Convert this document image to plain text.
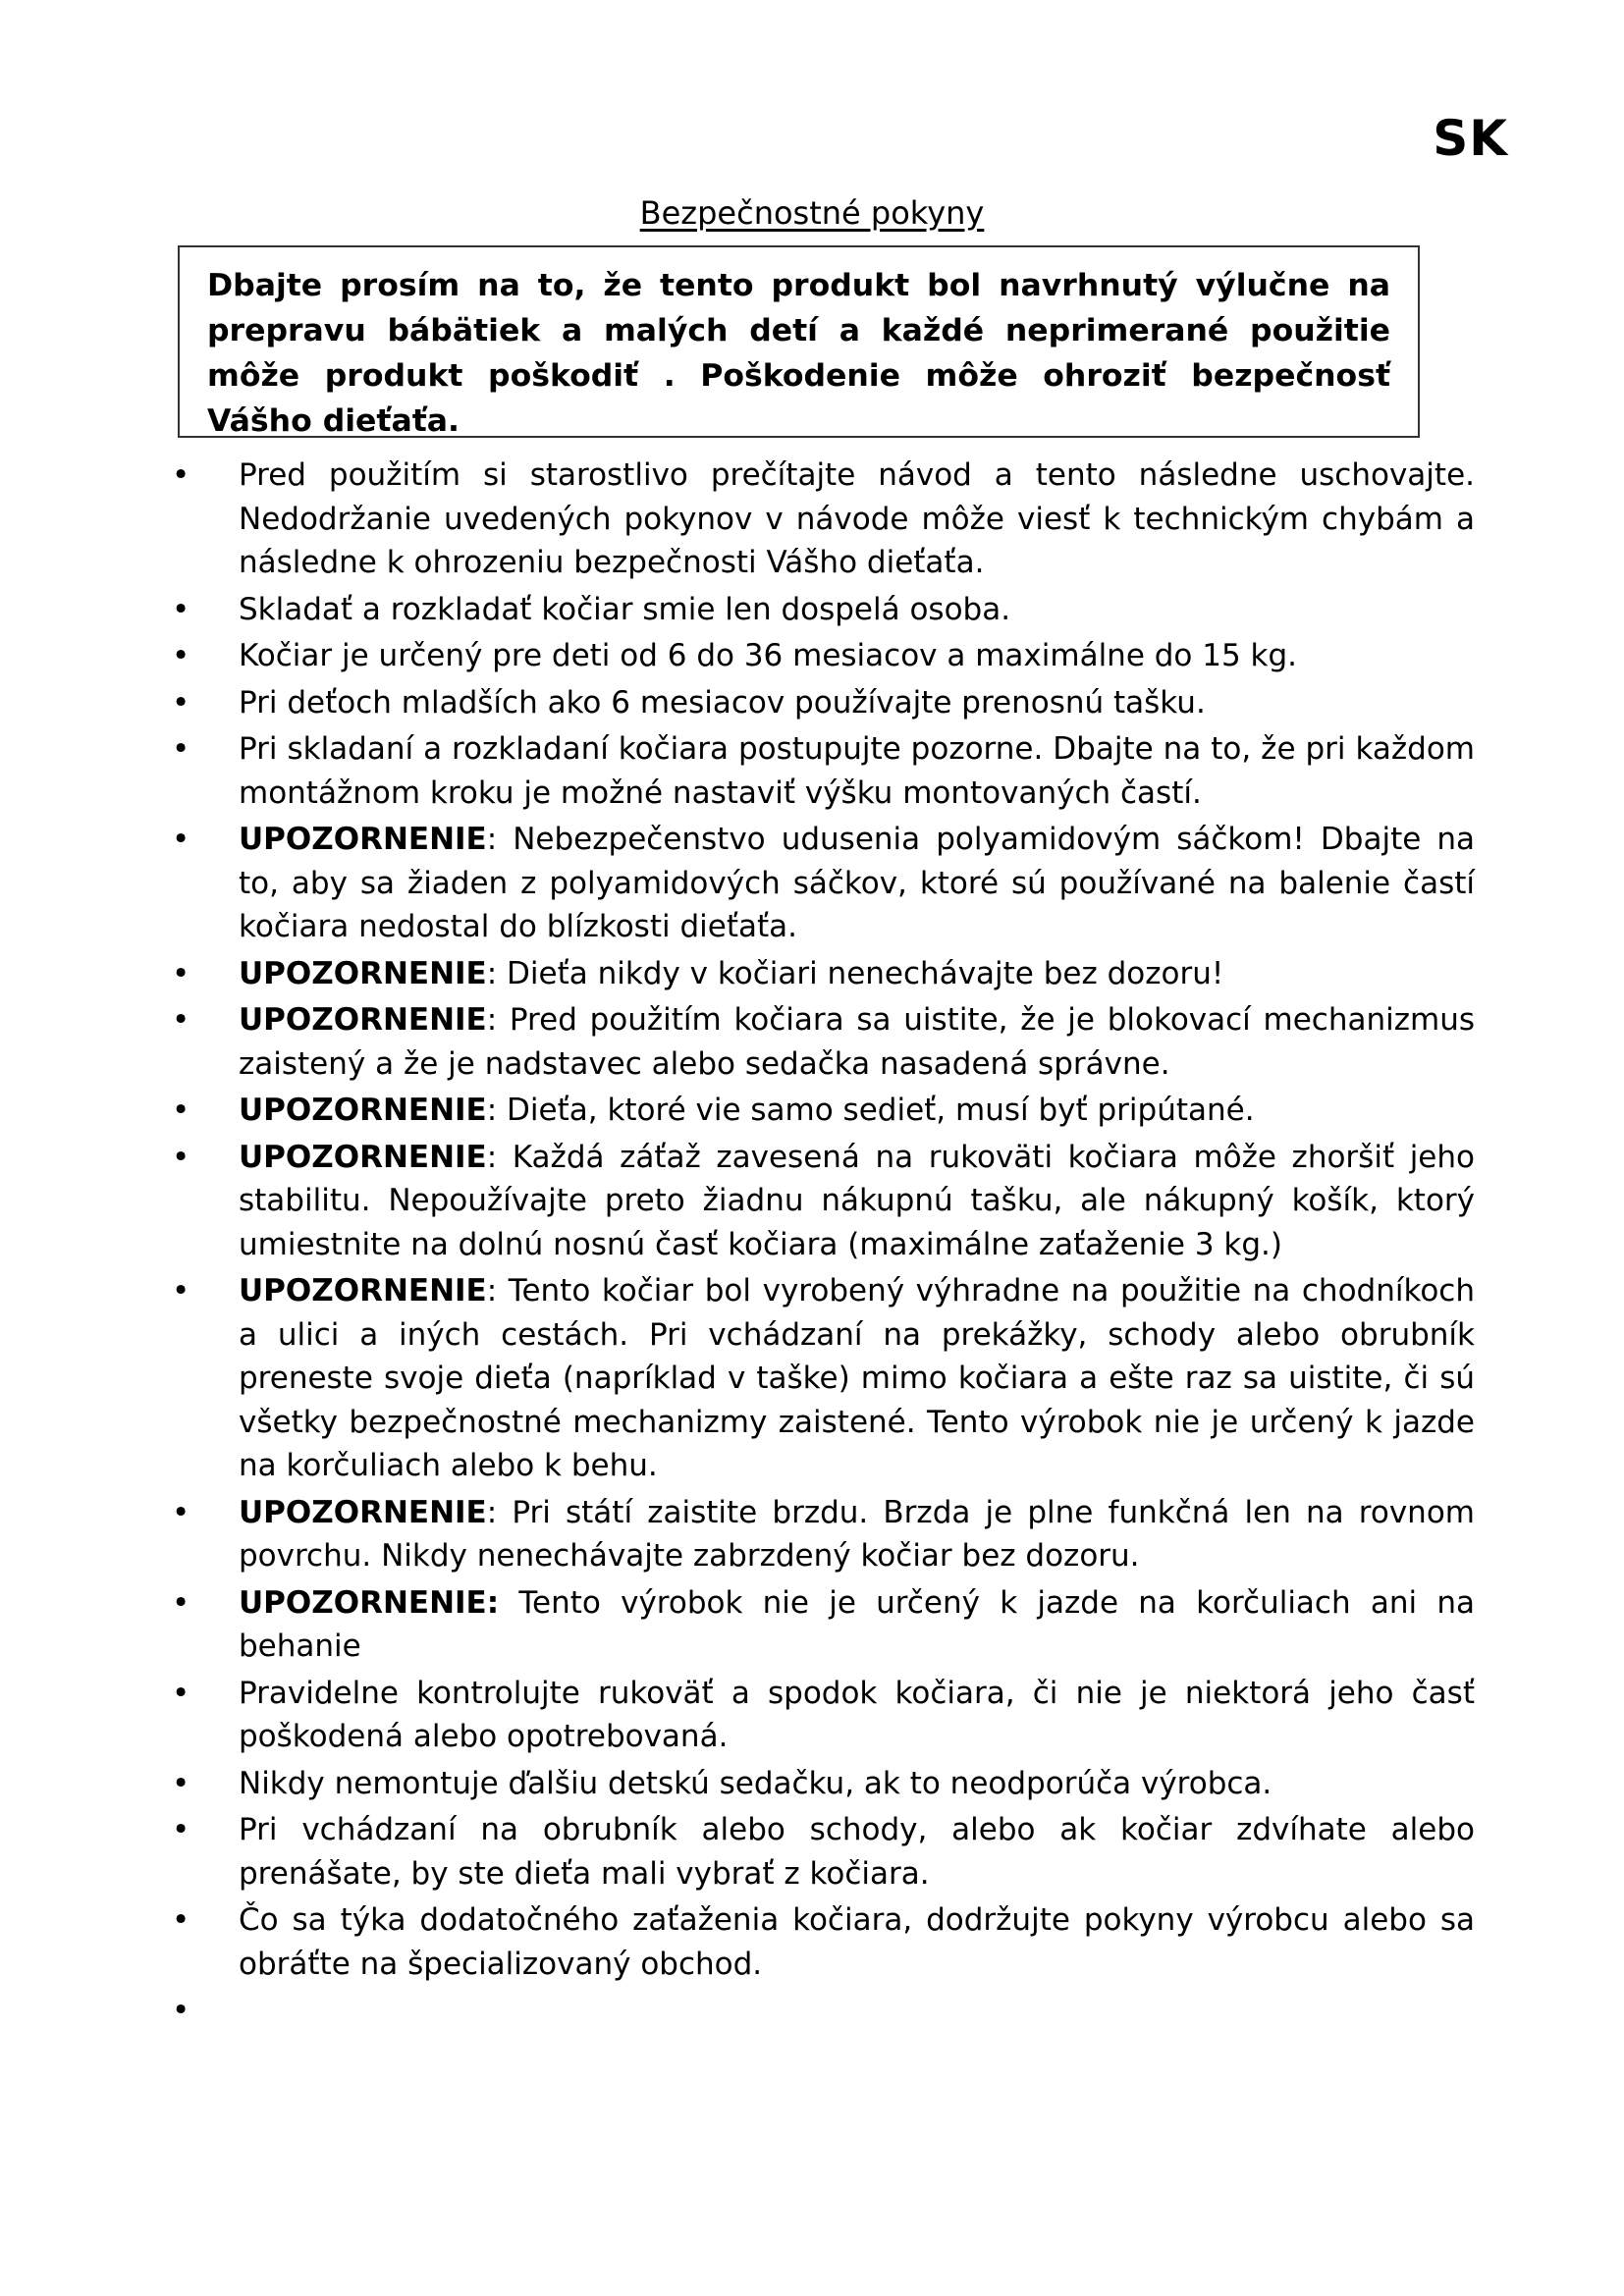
SK
Bezpečnostné pokyny
Dbajte prosím na to, že tento produkt bol navrhnutý výlučne na prepravu bábätiek a malých detí a každé neprimerané použitie môže produkt poškodiť . Poškodenie môže ohroziť bezpečnosť Vášho dieťaťa.
• Pred použitím si starostlivo prečítajte návod a tento následne uschovajte. Nedodržanie uvedených pokynov v návode môže viesť k technickým chybám a následne k ohrozeniu bezpečnosti Vášho dieťaťa.
• Skladať a rozkladať kočiar smie len dospelá osoba.
• Kočiar je určený pre deti od 6 do 36 mesiacov a maximálne do 15 kg.
• Pri deťoch mladších ako 6 mesiacov používajte prenosnú tašku.
• Pri skladaní a rozkladaní kočiara postupujte pozorne. Dbajte na to, že pri každom montážnom kroku je možné nastaviť výšku montovaných častí.
• UPOZORNENIE: Nebezpečenstvo udusenia polyamidovým sáčkom! Dbajte na to, aby sa žiaden z polyamidových sáčkov, ktoré sú používané na balenie častí kočiara nedostal do blízkosti dieťaťa.
• UPOZORNENIE: Dieťa nikdy v kočiari nenechávajte bez dozoru!
• UPOZORNENIE: Pred použitím kočiara sa uistite, že je blokovací mechanizmus zaistený a že je nadstavec alebo sedačka nasadená správne.
• UPOZORNENIE: Dieťa, ktoré vie samo sedieť, musí byť pripútané.
• UPOZORNENIE: Každá záťaž zavesená na rukoväti kočiara môže zhoršiť jeho stabilitu. Nepoužívajte preto žiadnu nákupnú tašku, ale nákupný košík, ktorý umiestnite na dolnú nosnú časť kočiara (maximálne zaťaženie 3 kg.)
• UPOZORNENIE: Tento kočiar bol vyrobený výhradne na použitie na chodníkoch a ulici a iných cestách. Pri vchádzaní na prekážky, schody alebo obrubník preneste svoje dieťa (napríklad v taške) mimo kočiara a ešte raz sa uistite, či sú všetky bezpečnostné mechanizmy zaistené. Tento výrobok nie je určený k jazde na korčuliach alebo k behu.
• UPOZORNENIE: Pri státí zaistite brzdu. Brzda je plne funkčná len na rovnom povrchu. Nikdy nenechávajte zabrzdený kočiar bez dozoru.
• UPOZORNENIE: Tento výrobok nie je určený k jazde na korčuliach ani na behanie
• Pravidelne kontrolujte rukoväť a spodok kočiara, či nie je niektorá jeho časť poškodená alebo opotrebovaná.
• Nikdy nemontuje ďalšiu detskú sedačku, ak to neodporúča výrobca.
• Pri vchádzaní na obrubník alebo schody, alebo ak kočiar zdvíhate alebo prenášate, by ste dieťa mali vybrať z kočiara.
• Čo sa týka dodatočného zaťaženia kočiara, dodržujte pokyny výrobcu alebo sa obráťte na špecializovaný obchod.
•
